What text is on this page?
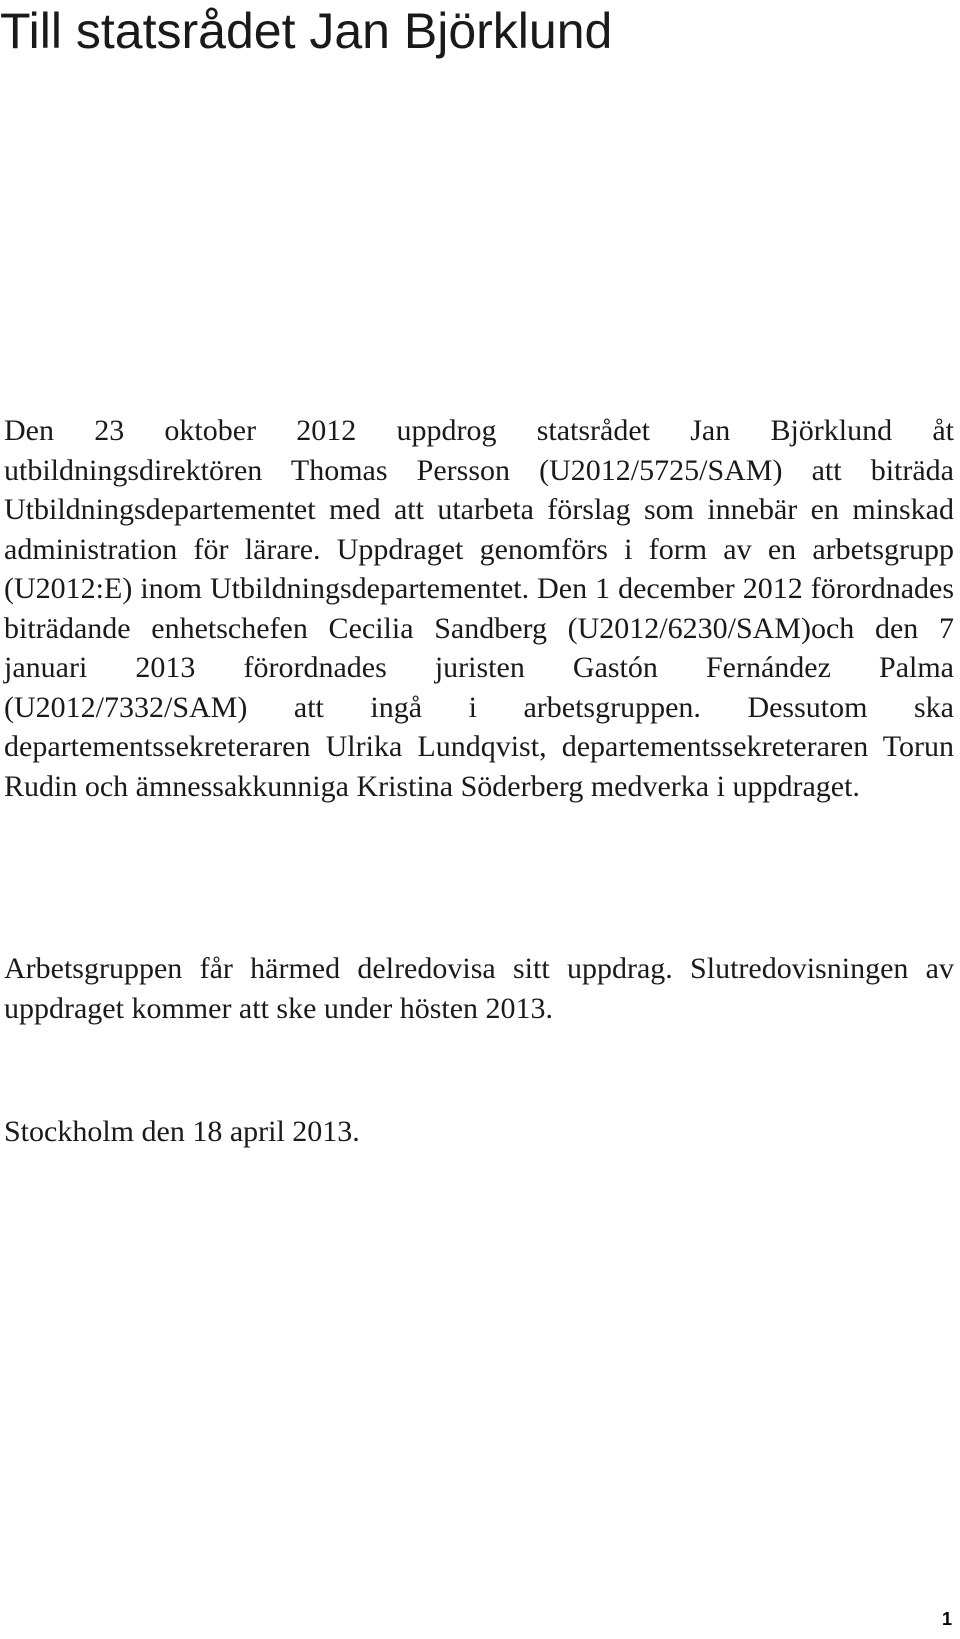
Till statsrådet Jan Björklund

Den 23 oktober 2012 uppdrog statsrådet Jan Björklund åt utbildningsdirektören Thomas Persson (U2012/5725/SAM) att biträda Utbildningsdepartementet med att utarbeta förslag som innebär en minskad administration för lärare. Uppdraget genomförs i form av en arbetsgrupp (U2012:E) inom Utbildningsdepartementet. Den 1 december 2012 förordnades biträdande enhetschefen Cecilia Sandberg (U2012/6230/SAM)och den 7 januari 2013 förordnades juristen Gastón Fernández Palma (U2012/7332/SAM) att ingå i arbetsgruppen. Dessutom ska departementssekreteraren Ulrika Lundqvist, departementssekreteraren Torun Rudin och ämnessakkunniga Kristina Söderberg medverka i uppdraget.

Arbetsgruppen får härmed delredovisa sitt uppdrag. Slutredovisningen av uppdraget kommer att ske under hösten 2013.

Stockholm den 18 april 2013.

1
